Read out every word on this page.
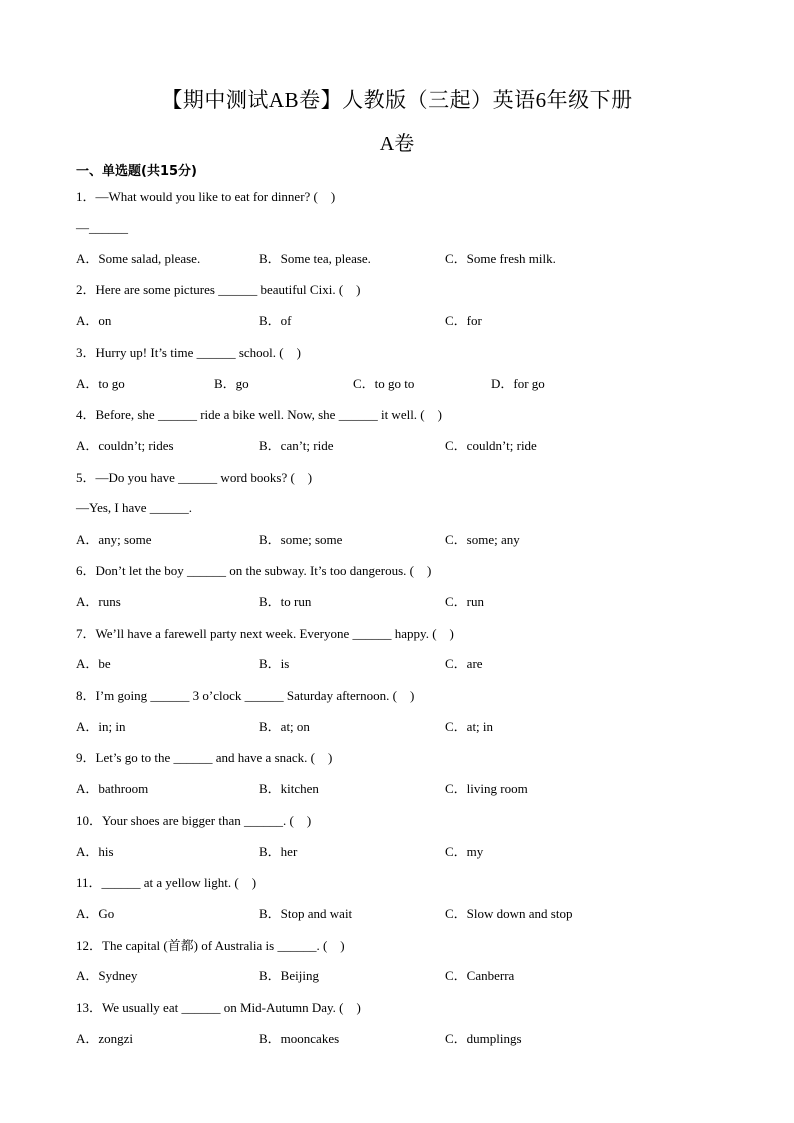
【期中测试AB卷】人教版（三起）英语6年级下册
A卷
一、单选题(共15分)
1．—What would you like to eat for dinner? (　)
—______
A．Some salad, please.	B．Some tea, please.	C．Some fresh milk.
2．Here are some pictures ______ beautiful Cixi. (　)
A．on	B．of	C．for
3．Hurry up! It’s time ______ school. (　)
A．to go	B．go	C．to go to	D．for go
4．Before, she ______ ride a bike well. Now, she ______ it well. (　)
A．couldn’t; rides	B．can’t; ride	C．couldn’t; ride
5．—Do you have ______ word books? (　)
—Yes, I have ______.
A．any; some	B．some; some	C．some; any
6．Don’t let the boy ______ on the subway. It’s too dangerous. (　)
A．runs	B．to run	C．run
7．We’ll have a farewell party next week. Everyone ______ happy. (　)
A．be	B．is	C．are
8．I’m going ______ 3 o’clock ______ Saturday afternoon. (　)
A．in; in	B．at; on	C．at; in
9．Let’s go to the ______ and have a snack. (　)
A．bathroom	B．kitchen	C．living room
10．Your shoes are bigger than ______. (　)
A．his	B．her	C．my
11．______ at a yellow light. (　)
A．Go	B．Stop and wait	C．Slow down and stop
12．The capital (首都) of Australia is ______. (　)
A．Sydney	B．Beijing	C．Canberra
13．We usually eat ______ on Mid-Autumn Day. (　)
A．zongzi	B．mooncakes	C．dumplings
